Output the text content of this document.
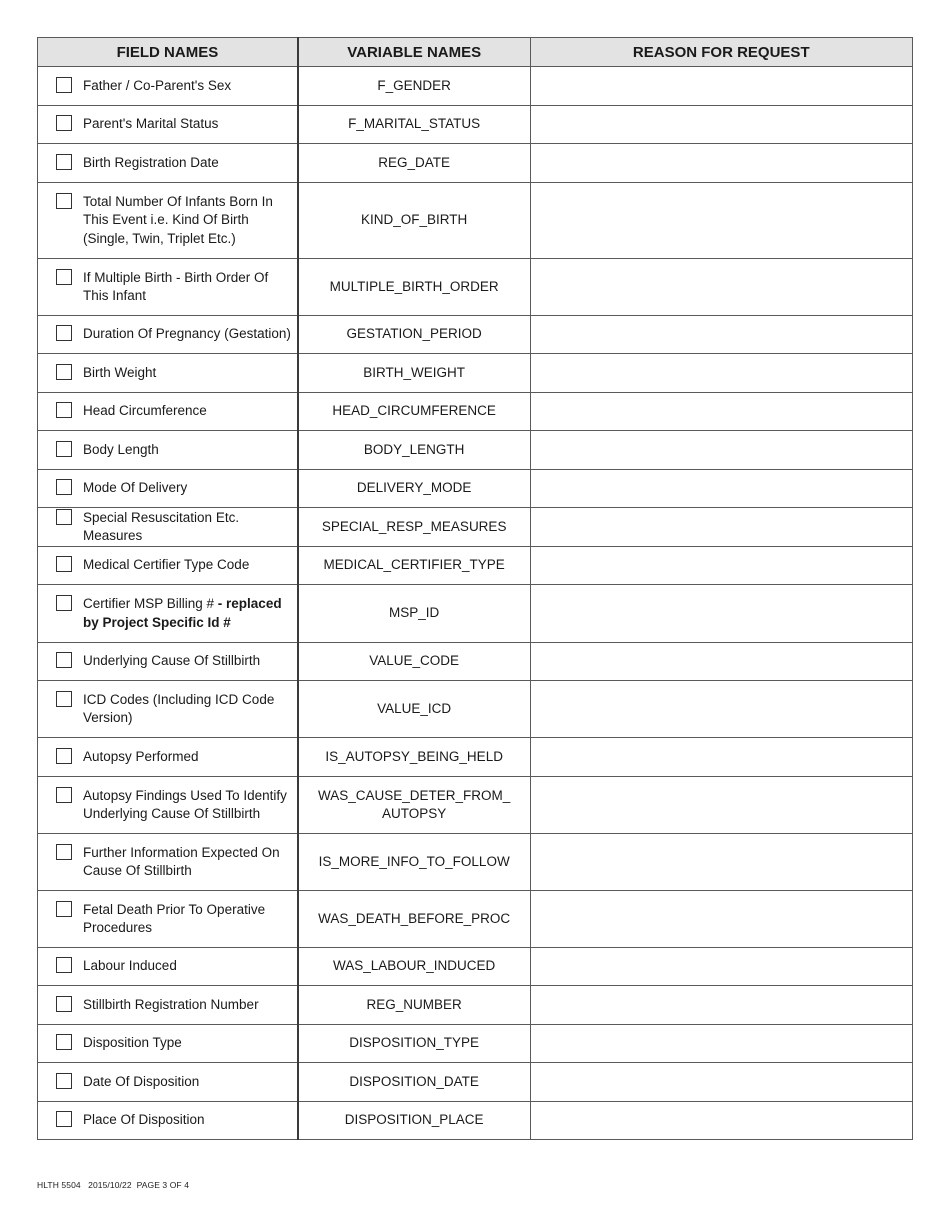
FIELD NAMES	VARIABLE NAMES	REASON FOR REQUEST

Father / Co-Parent's Sex	F_GENDER	

Parent's Marital Status	F_MARITAL_STATUS	

Birth Registration Date	REG_DATE	

Total Number Of Infants Born In This Event i.e. Kind Of Birth (Single, Twin, Triplet Etc.)	KIND_OF_BIRTH	

If Multiple Birth - Birth Order Of This Infant	MULTIPLE_BIRTH_ORDER	

Duration Of Pregnancy (Gestation)	GESTATION_PERIOD	

Birth Weight	BIRTH_WEIGHT	

Head Circumference	HEAD_CIRCUMFERENCE	

Body Length	BODY_LENGTH	

Mode Of Delivery	DELIVERY_MODE	

Special Resuscitation Etc. Measures	SPECIAL_RESP_MEASURES	

Medical Certifier Type Code	MEDICAL_CERTIFIER_TYPE	

Certifier MSP Billing # - replaced by Project Specific Id #	MSP_ID	

Underlying Cause Of Stillbirth	VALUE_CODE	

ICD Codes (Including ICD Code Version)	VALUE_ICD	

Autopsy Performed	IS_AUTOPSY_BEING_HELD	

Autopsy Findings Used To Identify Underlying Cause Of Stillbirth	WAS_CAUSE_DETER_FROM_ AUTOPSY	

Further Information Expected On Cause Of Stillbirth	IS_MORE_INFO_TO_FOLLOW	

Fetal Death Prior To Operative Procedures	WAS_DEATH_BEFORE_PROC	

Labour Induced	WAS_LABOUR_INDUCED	

Stillbirth Registration Number	REG_NUMBER	

Disposition Type	DISPOSITION_TYPE	

Date Of Disposition	DISPOSITION_DATE	

Place Of Disposition	DISPOSITION_PLACE	
HLTH 5504   2015/10/22  PAGE 3 OF 4
